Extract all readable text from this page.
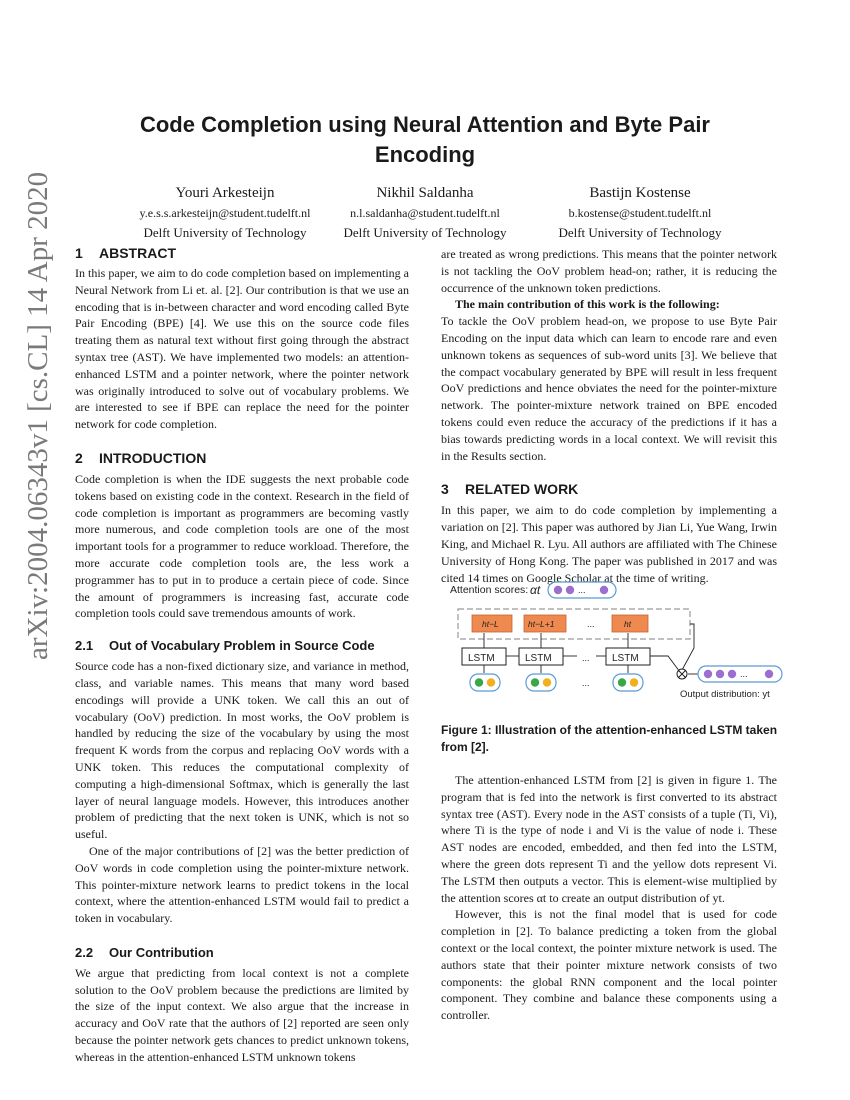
arXiv:2004.06343v1 [cs.CL] 14 Apr 2020
Code Completion using Neural Attention and Byte Pair Encoding
Youri Arkesteijn
y.e.s.s.arkesteijn@student.tudelft.nl
Delft University of Technology
Nikhil Saldanha
n.l.saldanha@student.tudelft.nl
Delft University of Technology
Bastijn Kostense
b.kostense@student.tudelft.nl
Delft University of Technology
1 ABSTRACT

In this paper, we aim to do code completion based on implementing a Neural Network from Li et. al. [2]. Our contribution is that we use an encoding that is in-between character and word encoding called Byte Pair Encoding (BPE) [4]. We use this on the source code files treating them as natural text without first going through the abstract syntax tree (AST). We have implemented two models: an attention-enhanced LSTM and a pointer network, where the pointer network was originally introduced to solve out of vocabulary problems. We are interested to see if BPE can replace the need for the pointer network for code completion.

2 INTRODUCTION

Code completion is when the IDE suggests the next probable code tokens based on existing code in the context. Research in the field of code completion is important as programmers are becoming vastly more numerous, and code completion tools are one of the most important tools for a programmer to reduce workload. Therefore, the more accurate code completion tools are, the less work a programmer has to put in to produce a certain piece of code. Since the amount of programmers is increasing fast, accurate code completion tools could save tremendous amounts of work.

2.1 Out of Vocabulary Problem in Source Code

Source code has a non-fixed dictionary size, and variance in method, class, and variable names. This means that many word based encodings will provide a UNK token. We call this an out of vocabulary (OoV) prediction. In most works, the OoV problem is handled by reducing the size of the vocabulary by using the most frequent K words from the corpus and replacing OoV words with a UNK token. This reduces the computational complexity of computing a high-dimensional Softmax, which is generally the last layer of neural language models. However, this introduces another problem of predicting that the next token is UNK, which is not so useful.

One of the major contributions of [2] was the better prediction of OoV words in code completion using the pointer-mixture network. This pointer-mixture network learns to predict tokens in the local context, where the attention-enhanced LSTM would fail to predict a token in vocabulary.

2.2 Our Contribution

We argue that predicting from local context is not a complete solution to the OoV problem because the predictions are limited by the size of the input context. We also argue that the increase in accuracy and OoV rate that the authors of [2] reported are seen only because the pointer network gets chances to predict unknown tokens, whereas in the attention-enhanced LSTM unknown tokens

are treated as wrong predictions. This means that the pointer network is not tackling the OoV problem head-on; rather, it is reducing the occurrence of the unknown token predictions.

The main contribution of this work is the following:

To tackle the OoV problem head-on, we propose to use Byte Pair Encoding on the input data which can learn to encode rare and even unknown tokens as sequences of sub-word units [3]. We believe that the compact vocabulary generated by BPE will result in less frequent OoV predictions and hence obviates the need for the pointer-mixture network. The pointer-mixture network trained on BPE encoded tokens could even reduce the accuracy of the predictions if it has a bias towards predicting words in a local context. We will revisit this in the Results section.

3 RELATED WORK

In this paper, we aim to do code completion by implementing a variation on [2]. This paper was authored by Jian Li, Yue Wang, Irwin King, and Michael R. Lyu. All authors are affiliated with The Chinese University of Hong Kong. The paper was published in 2017 and was cited 14 times on Google Scholar at the time of writing.

Attention scores: αt	...
ht−L	ht−L+1	...	ht
LSTM	LSTM	... LSTM
...
...
Output distribution: yt
Figure 1: Illustration of the attention-enhanced LSTM taken from [2].

The attention-enhanced LSTM from [2] is given in figure 1. The program that is fed into the network is first converted to its abstract syntax tree (AST). Every node in the AST consists of a tuple (Ti, Vi), where Ti is the type of node i and Vi is the value of node i. These AST nodes are encoded, embedded, and then fed into the LSTM, where the green dots represent Ti and the yellow dots represent Vi. The LSTM then outputs a vector. This is element-wise multiplied by the attention scores αt to create an output distribution of yt.

However, this is not the final model that is used for code completion in [2]. To balance predicting a token from the global context or the local context, the pointer mixture network is used. The authors state that their pointer mixture network consists of two components: the global RNN component and the local pointer component. They combine and balance these components using a controller.
